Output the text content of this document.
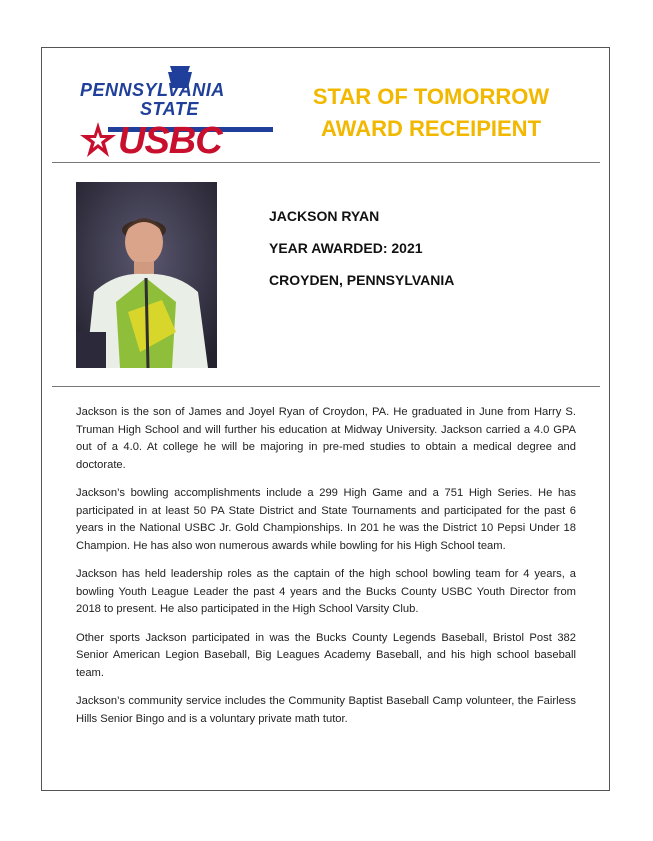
PENNSYLVANIA
STATE
USBC
STAR OF TOMORROW
AWARD RECEIPIENT
JACKSON RYAN
YEAR AWARDED: 2021
CROYDEN, PENNSYLVANIA

Jackson is the son of James and Joyel Ryan of Croydon, PA. He graduated in June from Harry S. Truman High School and will further his education at Midway University. Jackson carried a 4.0 GPA out of a 4.0. At college he will be majoring in pre-med studies to obtain a medical degree and doctorate.

Jackson’s bowling accomplishments include a 299 High Game and a 751 High Series. He has participated in at least 50 PA State District and State Tournaments and participated for the past 6 years in the National USBC Jr. Gold Championships. In 201 he was the District 10 Pepsi Under 18 Champion. He has also won numerous awards while bowling for his High School team.

Jackson has held leadership roles as the captain of the high school bowling team for 4 years, a bowling Youth League Leader the past 4 years and the Bucks County USBC Youth Director from 2018 to present. He also participated in the High School Varsity Club.

Other sports Jackson participated in was the Bucks County Legends Baseball, Bristol Post 382 Senior American Legion Baseball, Big Leagues Academy Baseball, and his high school baseball team.

Jackson’s community service includes the Community Baptist Baseball Camp volunteer, the Fairless Hills Senior Bingo and is a voluntary private math tutor.
